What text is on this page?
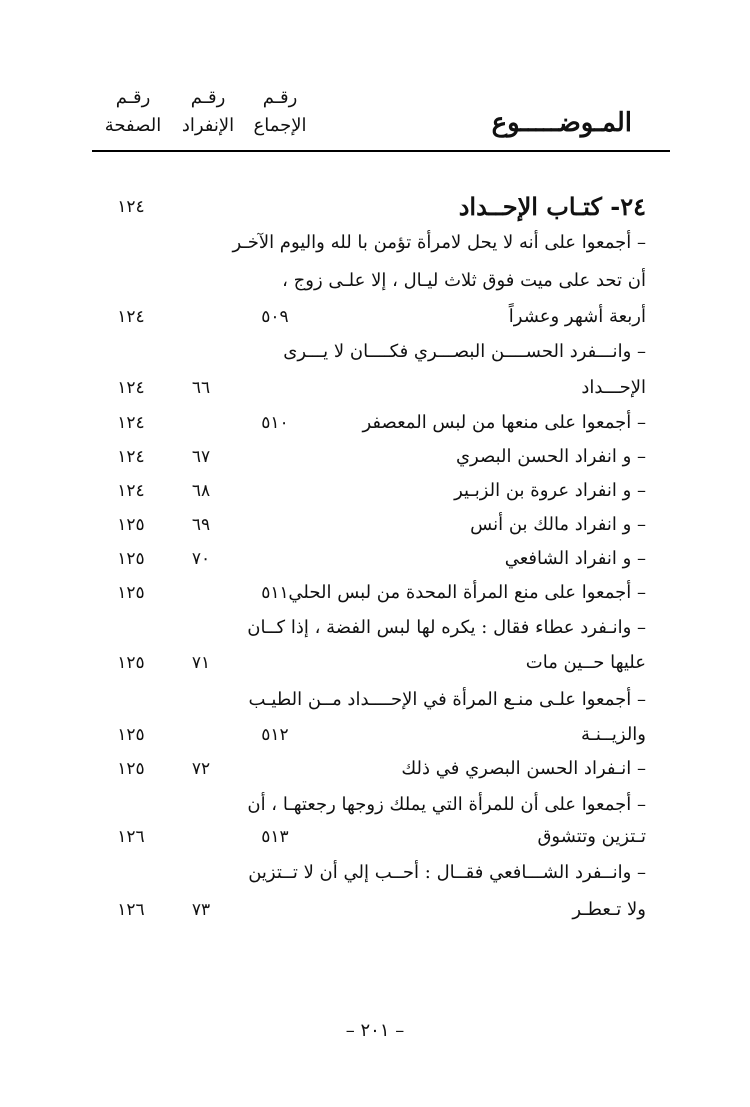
رقـم
الإجماع
رقـم
الإنفراد
رقـم
الصفحة	المـوضـــــوع
٢٤- كتـاب الإحــداد
١٢٤
– أجمعوا على أنه لا يحل لامرأة تؤمن با لله واليوم الآخـر
أن تحد على ميت فوق ثلاث ليـال ، إلا علـى زوج ،
أربعة أشهر وعشراً
٥٠٩
١٢٤
– وانـــفرد الحســــن البصـــري فكــــان لا يـــرى
الإحـــداد
٦٦
١٢٤
– أجمعوا على منعها من لبس المعصفر
٥١٠
١٢٤
– و انفراد الحسن البصري
٦٧
١٢٤
– و انفراد عروة بن الزبـير
٦٨
١٢٤
– و انفراد مالك بن أنس
٦٩
١٢٥
– و انفراد الشافعي
٧٠
١٢٥
– أجمعوا على منع المرأة المحدة من لبس الحلي
٥١١
١٢٥
– وانـفرد عطاء فقال : يكره لها لبس الفضة ، إذا كــان
عليها حــين مات
٧١
١٢٥
– أجمعوا علـى منـع المرأة في الإحــــداد مــن الطيـب
والزيــنـة
٥١٢
١٢٥
– انـفراد الحسن البصري في ذلك
٧٢
١٢٥
– أجمعوا على أن للمرأة التي يملك زوجها رجعتهـا ، أن
تـتزين وتتشوق
٥١٣
١٢٦
– وانــفرد الشـــافعي فقــال : أحــب إلي أن لا تــتزين
ولا تـعطـر
٧٣
١٢٦
– ٢٠١ –
